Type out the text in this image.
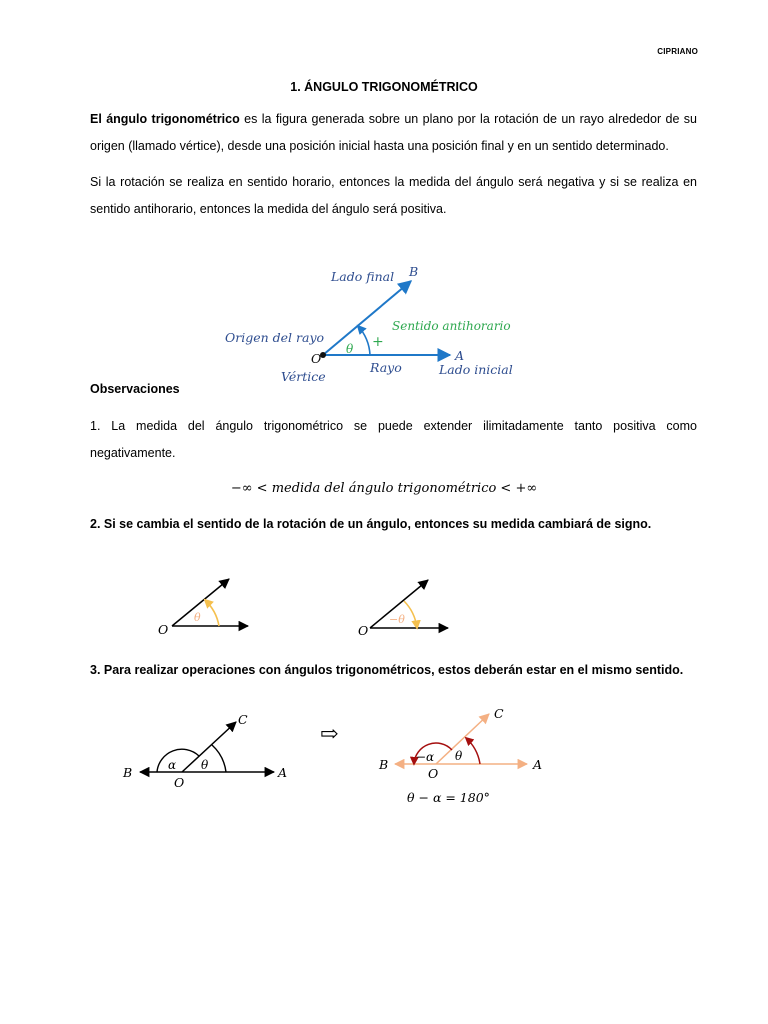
CIPRIANO
1. ÁNGULO TRIGONOMÉTRICO
El ángulo trigonométrico es la figura generada sobre un plano por la rotación de un rayo alrededor de su origen (llamado vértice), desde una posición inicial hasta una posición final y en un sentido determinado.
Si la rotación se realiza en sentido horario, entonces la medida del ángulo será negativa y si se realiza en sentido antihorario, entonces la medida del ángulo será positiva.
Lado final B
Sentido antihorario
+
Origen del rayo
O
θ	A
Rayo	Lado inicial
Vértice
Observaciones
1. La medida del ángulo trigonométrico se puede extender ilimitadamente tanto positiva como negativamente.
−∞ < medida del ángulo trigonométrico < +∞
2. Si se cambia el sentido de la rotación de un ángulo, entonces su medida cambiará de signo.
O
θ
O
−θ
3. Para realizar operaciones con ángulos trigonométricos, estos deberán estar en el mismo sentido.
C
B	α θ
O
A
⇨
C
B −α θ
O
A
θ − α = 180°
